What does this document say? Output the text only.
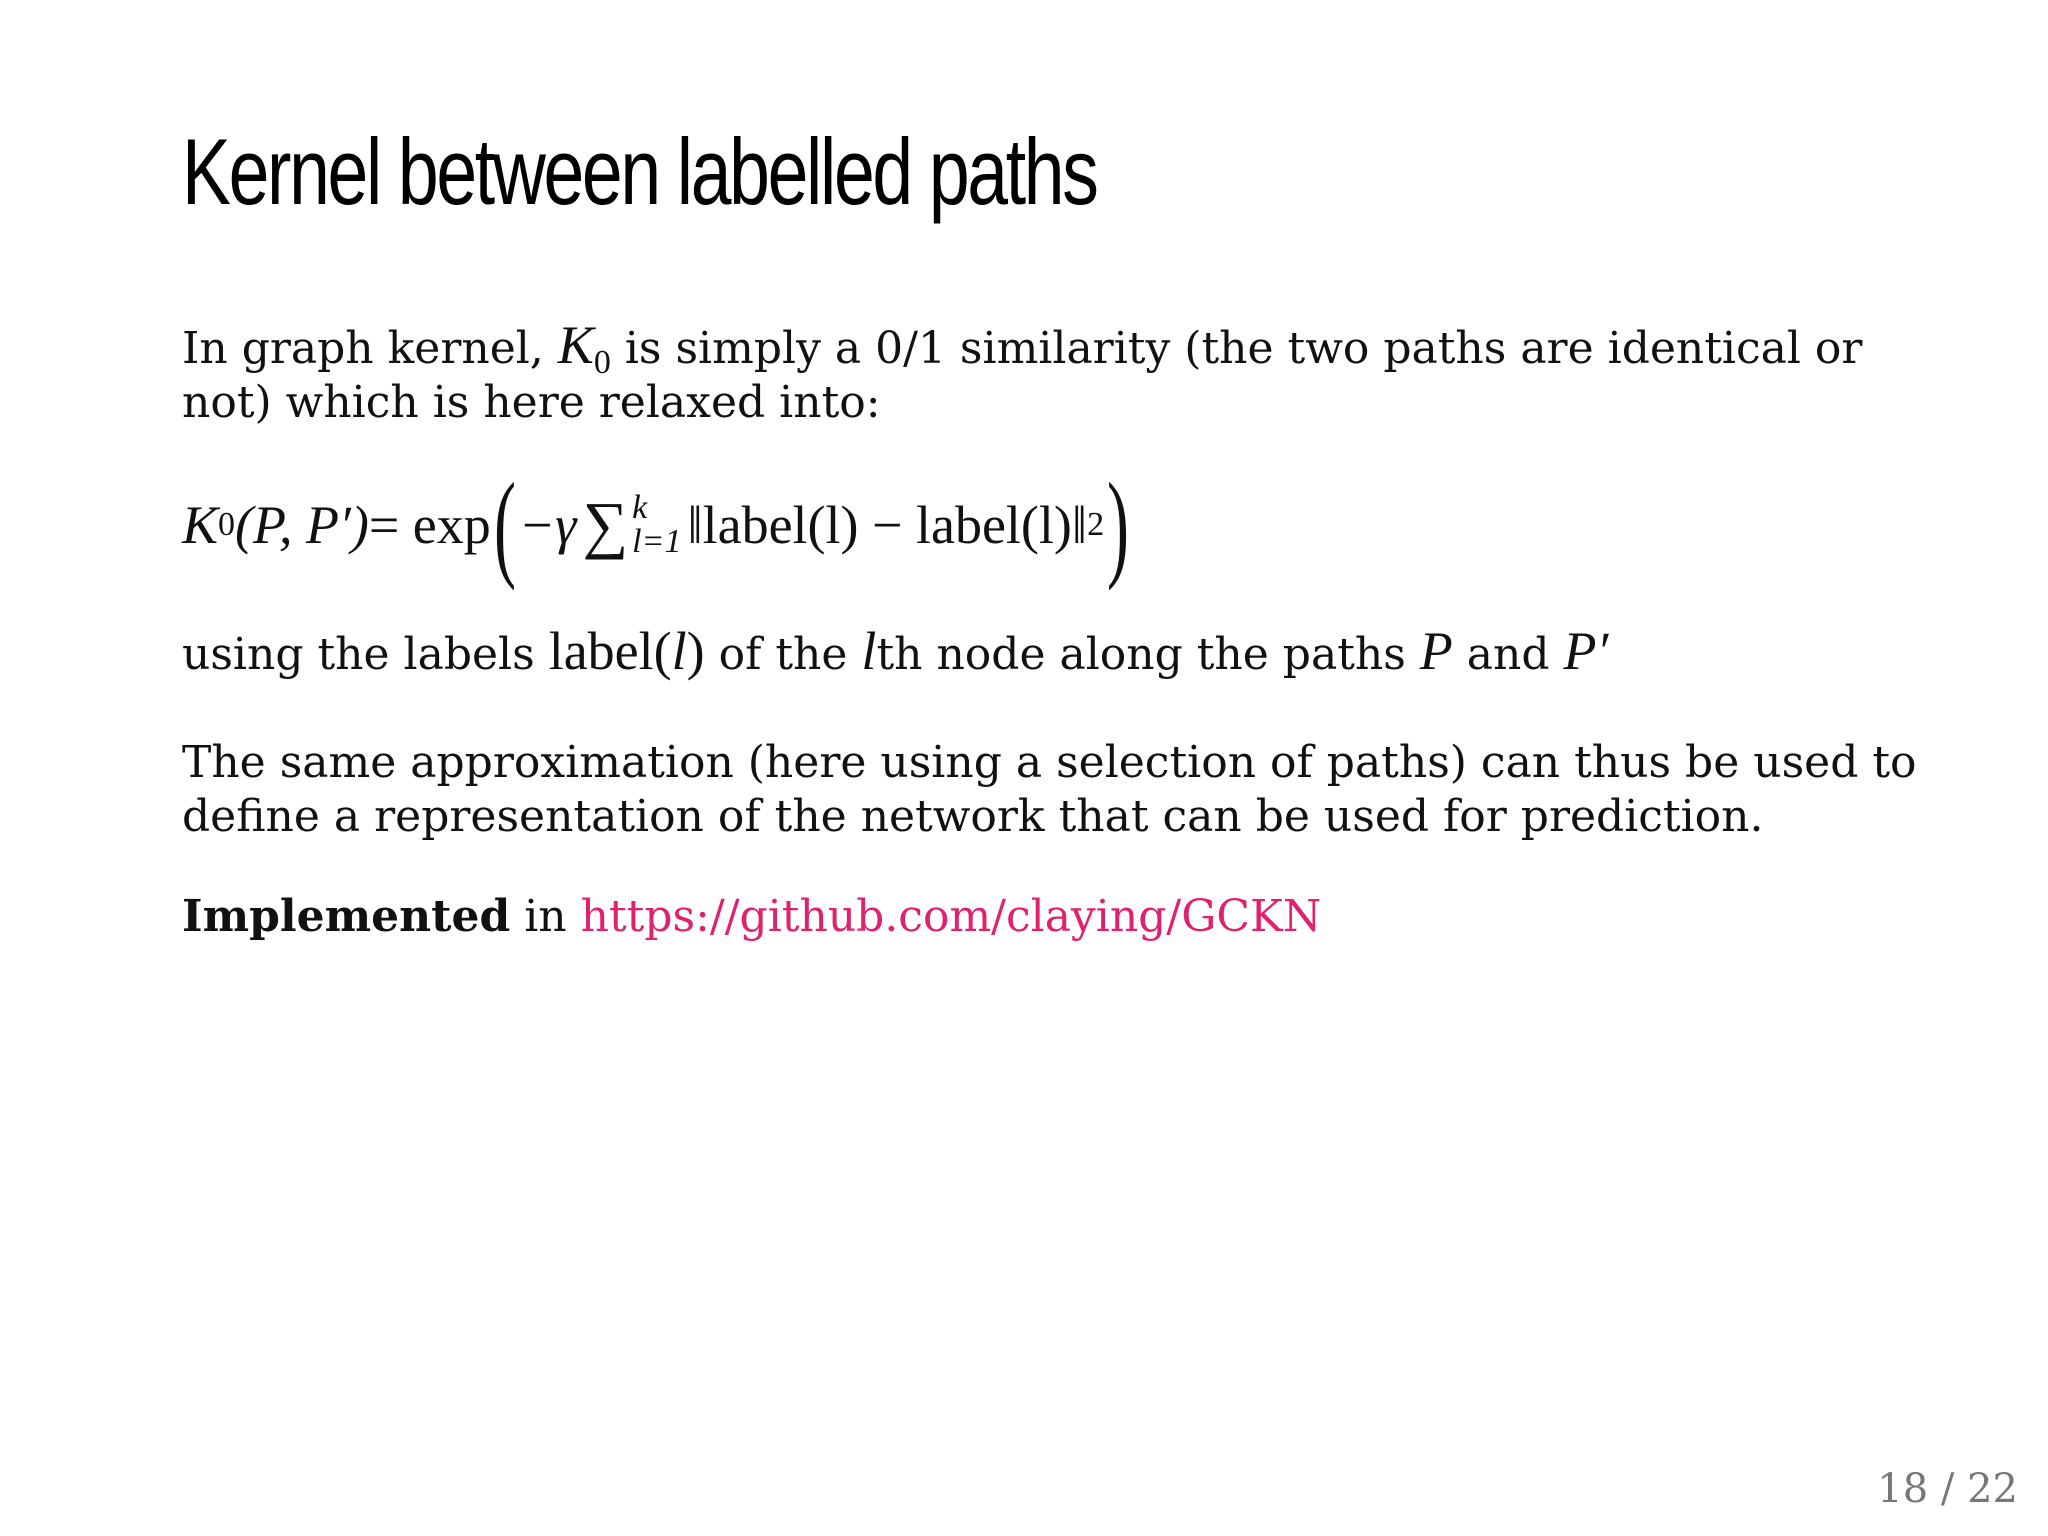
Kernel between labelled paths

In graph kernel, $K_0$ is simply a 0/1 similarity (the two paths are identical or not) which is here relaxed into:

K 0 (P, P′) = exp ( −γ ∑ k
l=1 ‖label(l) − label(l)‖ 2 )

using the labels label(l) of the lth node along the paths P and P′

The same approximation (here using a selection of paths) can thus be used to define a representation of the network that can be used for prediction.

Implemented in https://github.com/claying/GCKN

18 / 22
